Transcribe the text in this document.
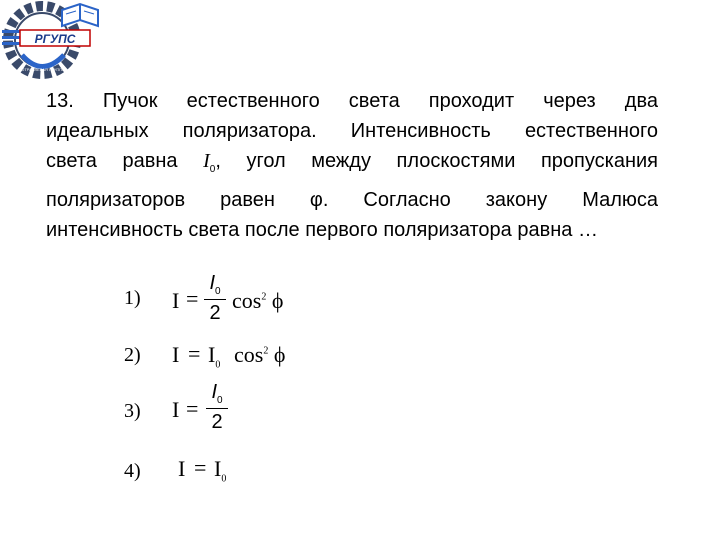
РГУПС
ОТРАСЛЕВАЯ ГРУППА
13. Пучок естественного света проходит через два
идеальных поляризатора. Интенсивность естественного
света равна $I_0$, угол между плоскостями пропускания
поляризаторов равен φ. Согласно закону Малюса
интенсивность света после первого поляризатора равна …
1)
2)
3)
4)
I =
$I_0$
2 $\cos^2 \phi$
$I = I_0$ $\cos^2 \phi$
I =
$I_0$
2
$I = I_0$
